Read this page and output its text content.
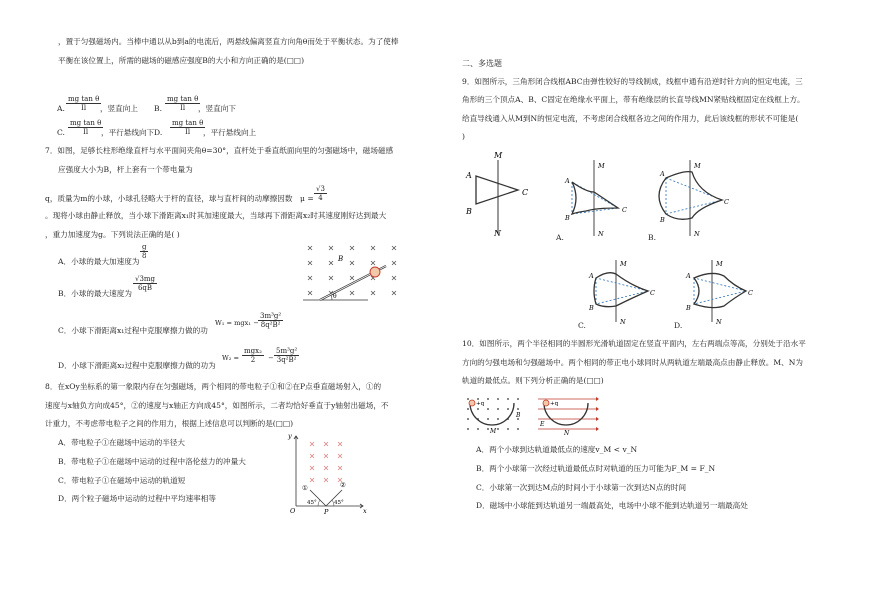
，置于匀强磁场内。当棒中通以从b到a的电流后，两悬线偏离竖直方向角θ而处于平衡状态。为了使棒
平衡在该位置上，所需的磁场的磁感应强度B的大小和方向正确的是(□□)
A. $\frac{\text{mg tan θ}}{Il}$
，竖直向上 B. $\frac{\text{mg tan θ}}{Il}$
，竖直向下
C. $\frac{\text{mg tan θ}}{Il}$
，平行悬线向下 D. $\frac{\text{mg tan θ}}{Il}$
，平行悬线向上
7．如图，足够长柱形绝缘直杆与水平面间夹角θ=30°，直杆处于垂直纸面向里的匀强磁场中，磁场磁感
应强度大小为B，杆上套有一个带电量为
q，质量为m的小球，小球孔径略大于杆的直径，球与直杆间的动摩擦因数 $\mu = \frac{√3}{4}$
。现将小球由静止释放，当小球下滑距离x₁时其加速度最大，当球再下滑距离x₂时其速度刚好达到最大
，重力加速度为g。下列说法正确的是( )
A．小球的最大加速度为
$\frac{g}{8}$
B．小球的最大速度为
$\frac{√3mg}{6qB}$
C．小球下滑距离x₁过程中克服摩擦力做的功
$W_1 = mgx_1 - \frac{\text{3m³g²}}{\text{8q²B²}}$
D．小球下滑距离x₂过程中克服摩擦力做的功为
W₂ =
mgx₂
2	− $\frac{\text{5m³g²}}{\text{3q²B²}}$
B
θ
8．在xOy坐标系的第一象限内存在匀强磁场，两个相同的带电粒子①和②在P点垂直磁场射入，①的
速度与x轴负方向成45°，②的速度与x轴正方向成45°，如图所示，二者均恰好垂直于y轴射出磁场，不
计重力，不考虑带电粒子之间的作用力，根据上述信息可以判断的是(□□)
A．带电粒子①在磁场中运动的半径大
B．带电粒子①在磁场中运动的过程中洛伦兹力的冲量大
C．带电粒子①在磁场中运动的轨道短
D．两个粒子磁场中运动的过程中平均速率相等
y
x
O	P
①	②
45°	45°
二、多选题
9．如图所示，三角形闭合线框ABC由弹性较好的导线制成，线框中通有沿逆时针方向的恒定电流，三
角形的三个顶点A、B、C固定在绝缘水平面上，带有绝缘层的长直导线MN紧贴线框固定在线框上方。
给直导线通入从M到N的恒定电流，不考虑闭合线框各边之间的作用力，此后该线框的形状不可能是(
)
M
N
A
B
C
M
N
A
B
C
A.
M
N
A
B
C
B.
M
N
A
B
C
C.
M
N
A
B
C
D.
10．如图所示，两个半径相同的半圆形光滑轨道固定在竖直平面内，左右两端点等高，分别处于沿水平
方向的匀强电场和匀强磁场中。两个相同的带正电小球同时从两轨道左端最高点由静止释放。M、N为
轨道的最低点。则下列分析正确的是(□□)
A．两个小球到达轨道最低点的速度v_M < v_N
B．两个小球第一次经过轨道最低点时对轨道的压力可能为F_M = F_N
C．小球第一次到达M点的时间小于小球第一次到达N点的时间
D．磁场中小球能到达轨道另一端最高处，电场中小球不能到达轨道另一端最高处
+q
B
M
+q
E
N
